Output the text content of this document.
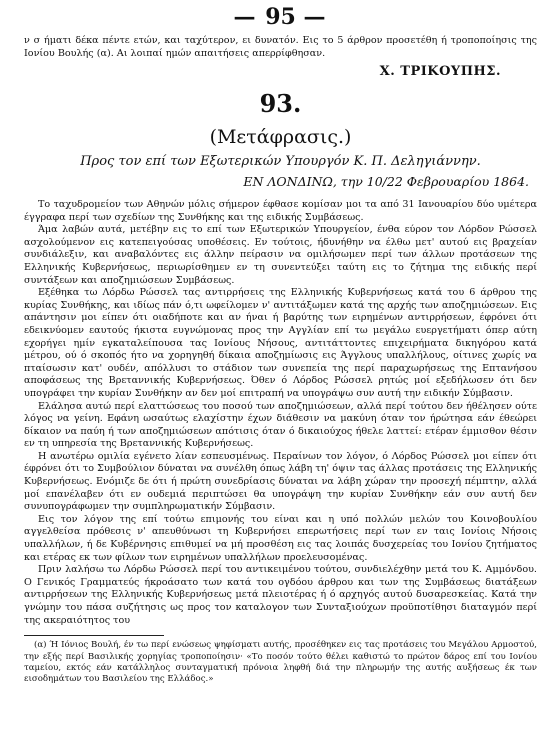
— 95 —
ν σ ήματι δέκα πέντε ετών, και ταχύτερον, ει δυνατόν. Εις το 5 άρθρον προσετέθη ή τροποποίησις της Ιονίου Βουλής (α). Αι λοιπαί ημών απαιτήσεις απερρίφθησαν.
Χ. ΤΡΙΚΟΥΠΗΣ.
93.
(Μετάφρασις.)
Προς τον επί των Εξωτερικών Υπουργόν Κ. Π. Δεληγιάννην.
ΕΝ ΛΟΝΔΙΝΩ, την 10/22 Φεβρουαρίου 1864.

Το ταχυδρομείον των Αθηνών μόλις σήμερον έφθασε κομίσαν μοι τα από 31 Ιανουαρίου δύο υμέτερα έγγραφα περί των σχεδίων της Συνθήκης και της ειδικής Συμβάσεως.

Άμα λαβών αυτά, μετέβην εις το επί των Εξωτερικών Υπουργείον, ένθα εύρον τον Λόρδον Ρώσσελ ασχολούμενον εις κατεπειγούσας υποθέσεις. Εν τούτοις, ήδυνήθην να έλθω μετ' αυτού εις βραχείαν συνδιάλεξιν, και αναβαλόντες εις άλλην πείρασιν να ομιλήσωμεν περί των άλλων προτάσεων της Ελληνικής Κυβερνήσεως, περιωρίσθημεν εν τη συνεντεύξει ταύτη εις το ζήτημα της ειδικής περί συντάξεων και αποζημιώσεων Συμβάσεως.

Εξέθηκα τω Λόρδω Ρώσσελ τας αντιρρήσεις της Ελληνικής Κυβερνήσεως κατά του 6 άρθρου της κυρίας Συνθήκης, και ιδίως πάν ό,τι ωφείλομεν ν' αντιτάξωμεν κατά της αρχής των αποζημιώσεων. Εις απάντησιν μοι είπεν ότι οιαδήποτε και αν ήναι ή βαρύτης των ειρημένων αντιρρήσεων, έφρόνει ότι εδεικνύομεν εαυτούς ήκιστα ευγνώμονας προς την Αγγλίαν επί τω μεγάλω ευεργετήματι όπερ αύτη εχορήγει ημίν εγκαταλείπουσα τας Ιονίους Νήσους, αντιτάττοντες επιχειρήματα δικηγόρου κατά μέτρου, ού ό σκοπός ήτο να χορηγηθή δίκαια αποζημίωσις εις Άγγλους υπαλλήλους, οίτινες χωρίς να πταίσωσιν κατ' ουδέν, απόλλυσι το στάδιον των συνεπεία της περί παραχωρήσεως της Επτανήσου αποφάσεως της Βρεταννικής Κυβερνήσεως. Όθεν ό Λόρδος Ρώσσελ ρητώς μοί εξεδήλωσεν ότι δεν υπογράφει την κυρίαν Συνθήκην αν δεν μοί επιτραπή να υπογράψω συν αυτή την ειδικήν Σύμβασιν.

Ελάλησα αυτώ περί ελαττώσεως του ποσού των αποζημιώσεων, αλλά περί τούτου δεν ήθέλησεν ούτε λόγος να γείνη. Εφάνη ωσαύτως ελαχίστην έχων διάθεσιν να μακύνη όταν τον ήρώτησα εάν έθεώρει δίκαιον να παύη ή των αποζημιώσεων απότισις όταν ό δικαιούχος ήθελε λαττεί: ετέραν έμμισθον θέσιν εν τη υπηρεσία της Βρεταννικής Κυβερνήσεως.

Η ανωτέρω ομιλία εγένετο λίαν εσπευσμένως. Περαίνων τον λόγον, ό Λόρδος Ρώσσελ μοι είπεν ότι έφρόνει ότι το Συμβούλιον δύναται να συνέλθη όπως λάβη τη' όψιν τας άλλας προτάσεις της Ελληνικής Κυβερνήσεως. Ενόμιζε δε ότι ή πρώτη συνεδρίασις δύναται να λάβη χώραν την προσεχή πέμπτην, αλλά μοί επανέλαβεν ότι εν ουδεμιά περιπτώσει θα υπογράψη την κυρίαν Συνθήκην εάν συν αυτή δεν συνυπογράφωμεν την συμπληρωματικήν Σύμβασιν.

Εις τον λόγον της επί τούτω επιμονής του είναι και η υπό πολλών μελών του Κοινοβουλίου αγγελθείσα πρόθεσις ν' απευθύνωσι τη Κυβερνήσει επερωτήσεις περί των εν ταις Ιονίοις Νήσοις υπαλλήλων, ή δε Κυβέρνησις επιθυμεί να μή προσθέση εις τας λοιπάς δυσχερείας του Ιονίου ζητήματος και ετέρας εκ των φίλων των ειρημένων υπαλλήλων προελευσομένας.

Πριν λαλήσω τω Λόρδω Ρώσσελ περί του αντικειμένου τούτου, συνδιελέχθην μετά του Κ. Αμμόνδου. Ο Γενικός Γραμματεύς ήκροάσατο των κατά του ογδόου άρθρου και των της Συμβάσεως διατάξεων αντιρρήσεων της Ελληνικής Κυβερνήσεως μετά πλειοτέρας ή ό αρχηγός αυτού δυσαρεσκείας. Κατά την γνώμην του πάσα συζήτησις ως προς τον καταλογον των Συνταξιούχων προϋποτίθησι διαταγμόν περί της ακεραιότητος του

(α) Ή Ιόνιος Βουλή, έν τω περί ενώσεως ψηφίσματι αυτής, προσέθηκεν εις τας προτάσεις του Μεγάλου Αρμοστού, την εξής περί Βασιλικής χορηγίας τροποποίησιν· «Το ποσόν τούτο θέλει καθιστώ το πρώτον δάρος επί του Ιονίου ταμείου, εκτός εάν κατάλληλος συνταγματική πρόνοια ληφθή διά την πληρωμήν της αυτής αυξήσεως έκ των εισοδημάτων του Βασιλείου της Ελλάδος.»
